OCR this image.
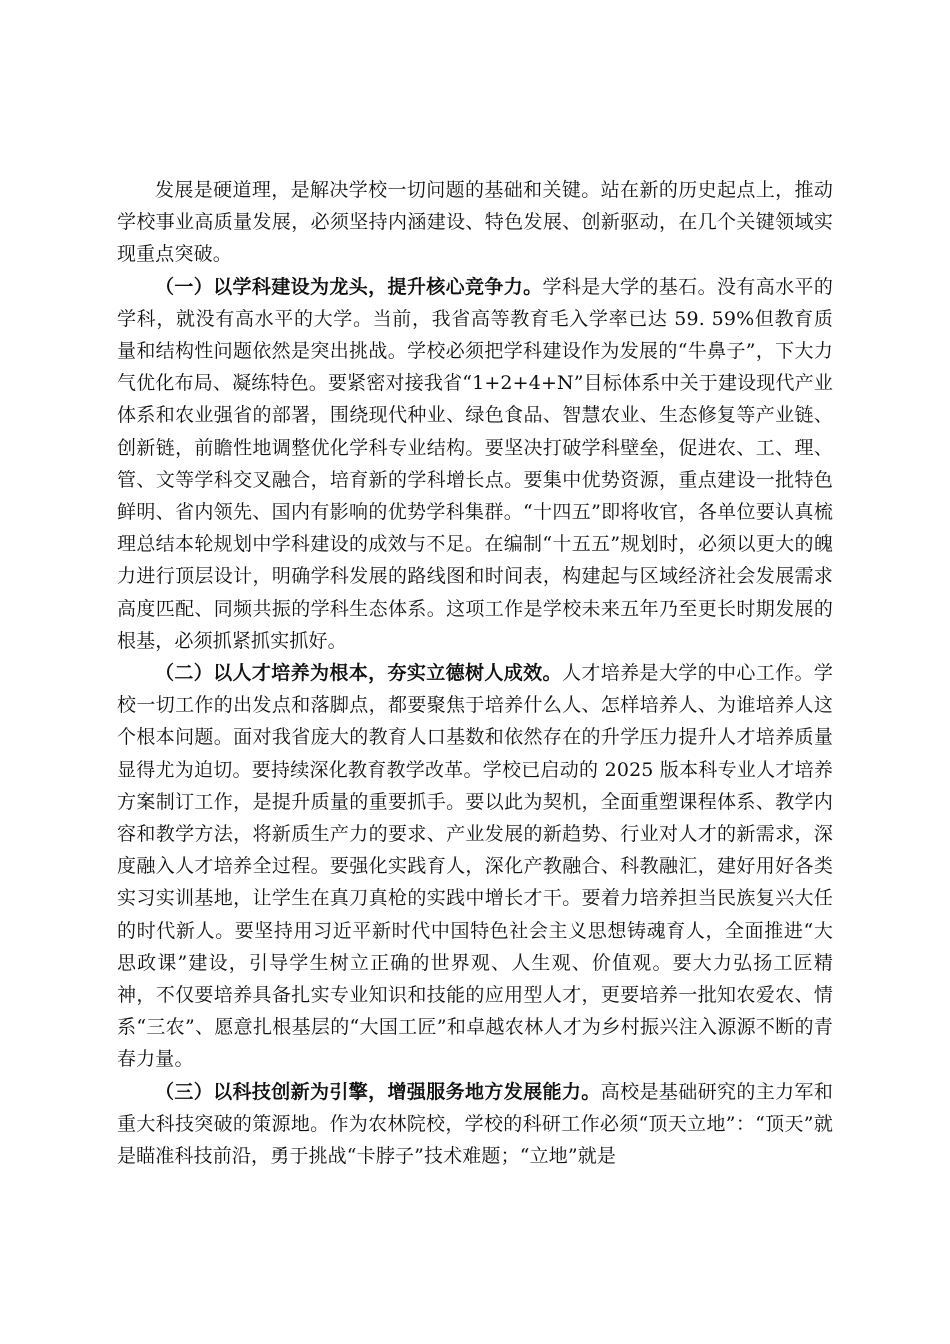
发展是硬道理，是解决学校一切问题的基础和关键。站在新的历史起点上，推动学校事业高质量发展，必须坚持内涵建设、特色发展、创新驱动，在几个关键领域实现重点突破。

（一）以学科建设为龙头，提升核心竞争力。学科是大学的基石。没有高水平的学科，就没有高水平的大学。当前，我省高等教育毛入学率已达 59. 59%但教育质量和结构性问题依然是突出挑战。学校必须把学科建设作为发展的“牛鼻子”，下大力气优化布局、凝练特色。要紧密对接我省“1+2+4+N”目标体系中关于建设现代产业体系和农业强省的部署，围绕现代种业、绿色食品、智慧农业、生态修复等产业链、创新链，前瞻性地调整优化学科专业结构。要坚决打破学科壁垒，促进农、工、理、管、文等学科交叉融合，培育新的学科增长点。要集中优势资源，重点建设一批特色鲜明、省内领先、国内有影响的优势学科集群。“十四五”即将收官，各单位要认真梳理总结本轮规划中学科建设的成效与不足。在编制“十五五”规划时，必须以更大的魄力进行顶层设计，明确学科发展的路线图和时间表，构建起与区域经济社会发展需求高度匹配、同频共振的学科生态体系。这项工作是学校未来五年乃至更长时期发展的根基，必须抓紧抓实抓好。

（二）以人才培养为根本，夯实立德树人成效。人才培养是大学的中心工作。学校一切工作的出发点和落脚点，都要聚焦于培养什么人、怎样培养人、为谁培养人这个根本问题。面对我省庞大的教育人口基数和依然存在的升学压力提升人才培养质量显得尤为迫切。要持续深化教育教学改革。学校已启动的 2025 版本科专业人才培养方案制订工作，是提升质量的重要抓手。要以此为契机，全面重塑课程体系、教学内容和教学方法，将新质生产力的要求、产业发展的新趋势、行业对人才的新需求，深度融入人才培养全过程。要强化实践育人，深化产教融合、科教融汇，建好用好各类实习实训基地，让学生在真刀真枪的实践中增长才干。要着力培养担当民族复兴大任的时代新人。要坚持用习近平新时代中国特色社会主义思想铸魂育人，全面推进“大思政课”建设，引导学生树立正确的世界观、人生观、价值观。要大力弘扬工匠精神，不仅要培养具备扎实专业知识和技能的应用型人才，更要培养一批知农爱农、情系“三农”、愿意扎根基层的“大国工匠”和卓越农林人才为乡村振兴注入源源不断的青春力量。

（三）以科技创新为引擎，增强服务地方发展能力。高校是基础研究的主力军和重大科技突破的策源地。作为农林院校，学校的科研工作必须“顶天立地”：“顶天”就是瞄准科技前沿，勇于挑战“卡脖子”技术难题；“立地”就是
